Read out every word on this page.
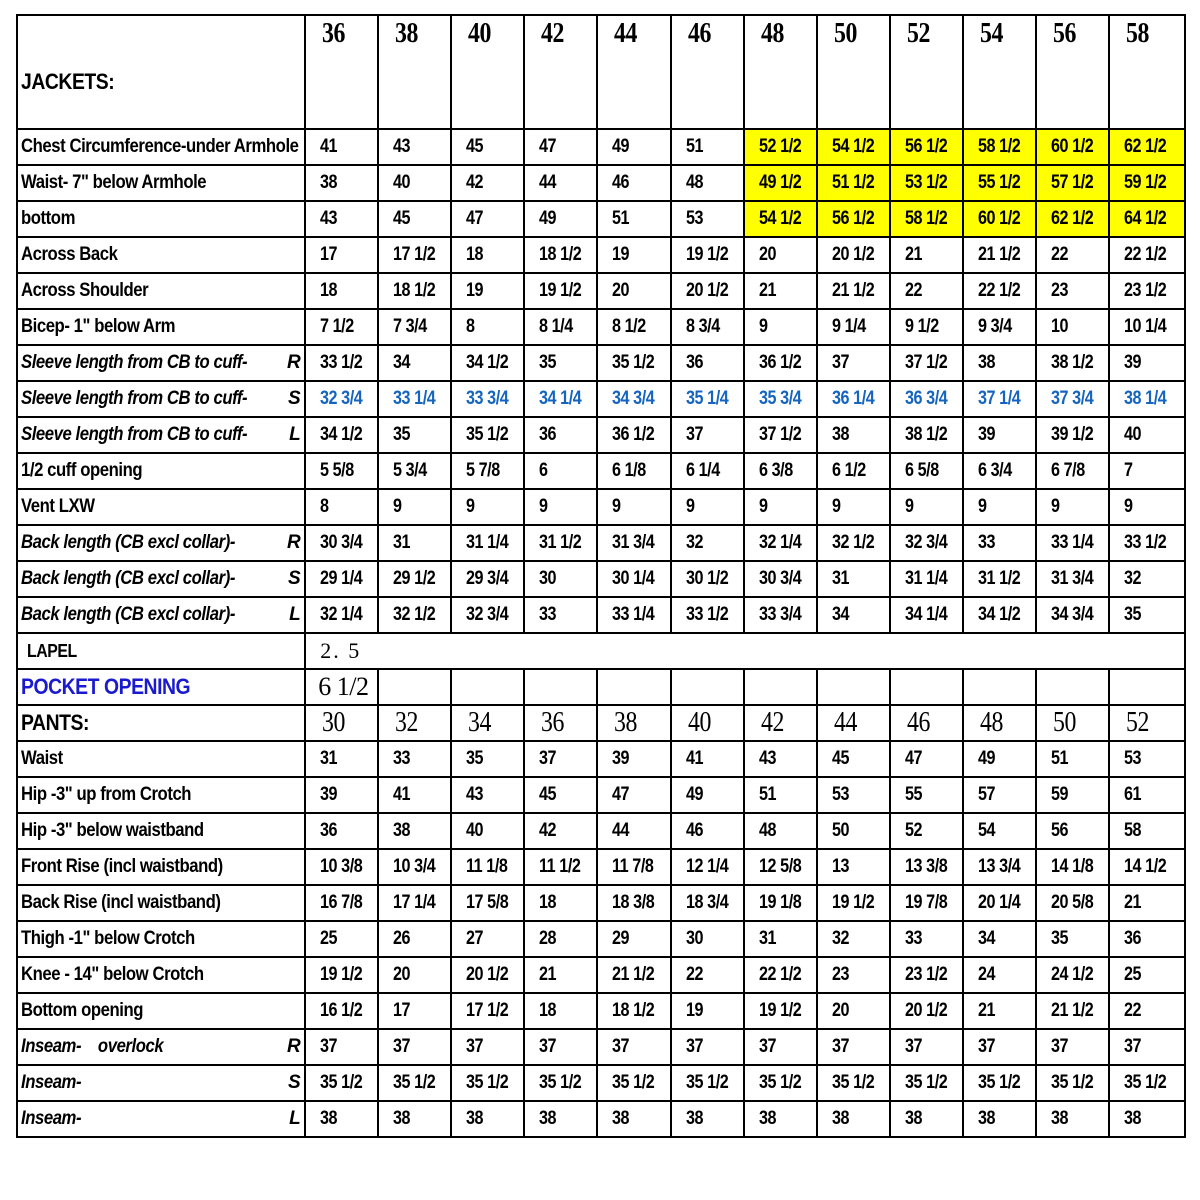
JACKETS:	36	38	40	42	44	46	48	50	52	54	56	58
Chest Circumference-under Armhole	41	43	45	47	49	51	52 1/2	54 1/2	56 1/2	58 1/2	60 1/2	62 1/2
Waist- 7" below Armhole	38	40	42	44	46	48	49 1/2	51 1/2	53 1/2	55 1/2	57 1/2	59 1/2
bottom	43	45	47	49	51	53	54 1/2	56 1/2	58 1/2	60 1/2	62 1/2	64 1/2
Across Back	17	17 1/2	18	18 1/2	19	19 1/2	20	20 1/2	21	21 1/2	22	22 1/2
Across Shoulder	18	18 1/2	19	19 1/2	20	20 1/2	21	21 1/2	22	22 1/2	23	23 1/2
Bicep- 1" below Arm	7 1/2	7 3/4	8	8 1/4	8 1/2	8 3/4	9	9 1/4	9 1/2	9 3/4	10	10 1/4
Sleeve length from CB to cuff- R	33 1/2	34	34 1/2	35	35 1/2	36	36 1/2	37	37 1/2	38	38 1/2	39
Sleeve length from CB to cuff- S	32 3/4	33 1/4	33 3/4	34 1/4	34 3/4	35 1/4	35 3/4	36 1/4	36 3/4	37 1/4	37 3/4	38 1/4
Sleeve length from CB to cuff- L	34 1/2	35	35 1/2	36	36 1/2	37	37 1/2	38	38 1/2	39	39 1/2	40
1/2 cuff opening	5 5/8	5 3/4	5 7/8	6	6 1/8	6 1/4	6 3/8	6 1/2	6 5/8	6 3/4	6 7/8	7
Vent LXW	8	9	9	9	9	9	9	9	9	9	9	9
Back length (CB excl collar)- R	30 3/4	31	31 1/4	31 1/2	31 3/4	32	32 1/4	32 1/2	32 3/4	33	33 1/4	33 1/2
Back length (CB excl collar)- S	29 1/4	29 1/2	29 3/4	30	30 1/4	30 1/2	30 3/4	31	31 1/4	31 1/2	31 3/4	32
Back length (CB excl collar)- L	32 1/4	32 1/2	32 3/4	33	33 1/4	33 1/2	33 3/4	34	34 1/4	34 1/2	34 3/4	35
LAPEL	2. 5											
POCKET OPENING	6 1/2											
PANTS:	30	32	34	36	38	40	42	44	46	48	50	52
Waist	31	33	35	37	39	41	43	45	47	49	51	53
Hip -3" up from Crotch	39	41	43	45	47	49	51	53	55	57	59	61
Hip -3" below waistband	36	38	40	42	44	46	48	50	52	54	56	58
Front Rise (incl waistband)	10 3/8	10 3/4	11 1/8	11 1/2	11 7/8	12 1/4	12 5/8	13	13 3/8	13 3/4	14 1/8	14 1/2
Back Rise (incl waistband)	16 7/8	17 1/4	17 5/8	18	18 3/8	18 3/4	19 1/8	19 1/2	19 7/8	20 1/4	20 5/8	21
Thigh -1" below Crotch	25	26	27	28	29	30	31	32	33	34	35	36
Knee - 14" below Crotch	19 1/2	20	20 1/2	21	21 1/2	22	22 1/2	23	23 1/2	24	24 1/2	25
Bottom opening	16 1/2	17	17 1/2	18	18 1/2	19	19 1/2	20	20 1/2	21	21 1/2	22
Inseam-    overlock R	37	37	37	37	37	37	37	37	37	37	37	37
Inseam- S	35 1/2	35 1/2	35 1/2	35 1/2	35 1/2	35 1/2	35 1/2	35 1/2	35 1/2	35 1/2	35 1/2	35 1/2
Inseam- L	38	38	38	38	38	38	38	38	38	38	38	38
